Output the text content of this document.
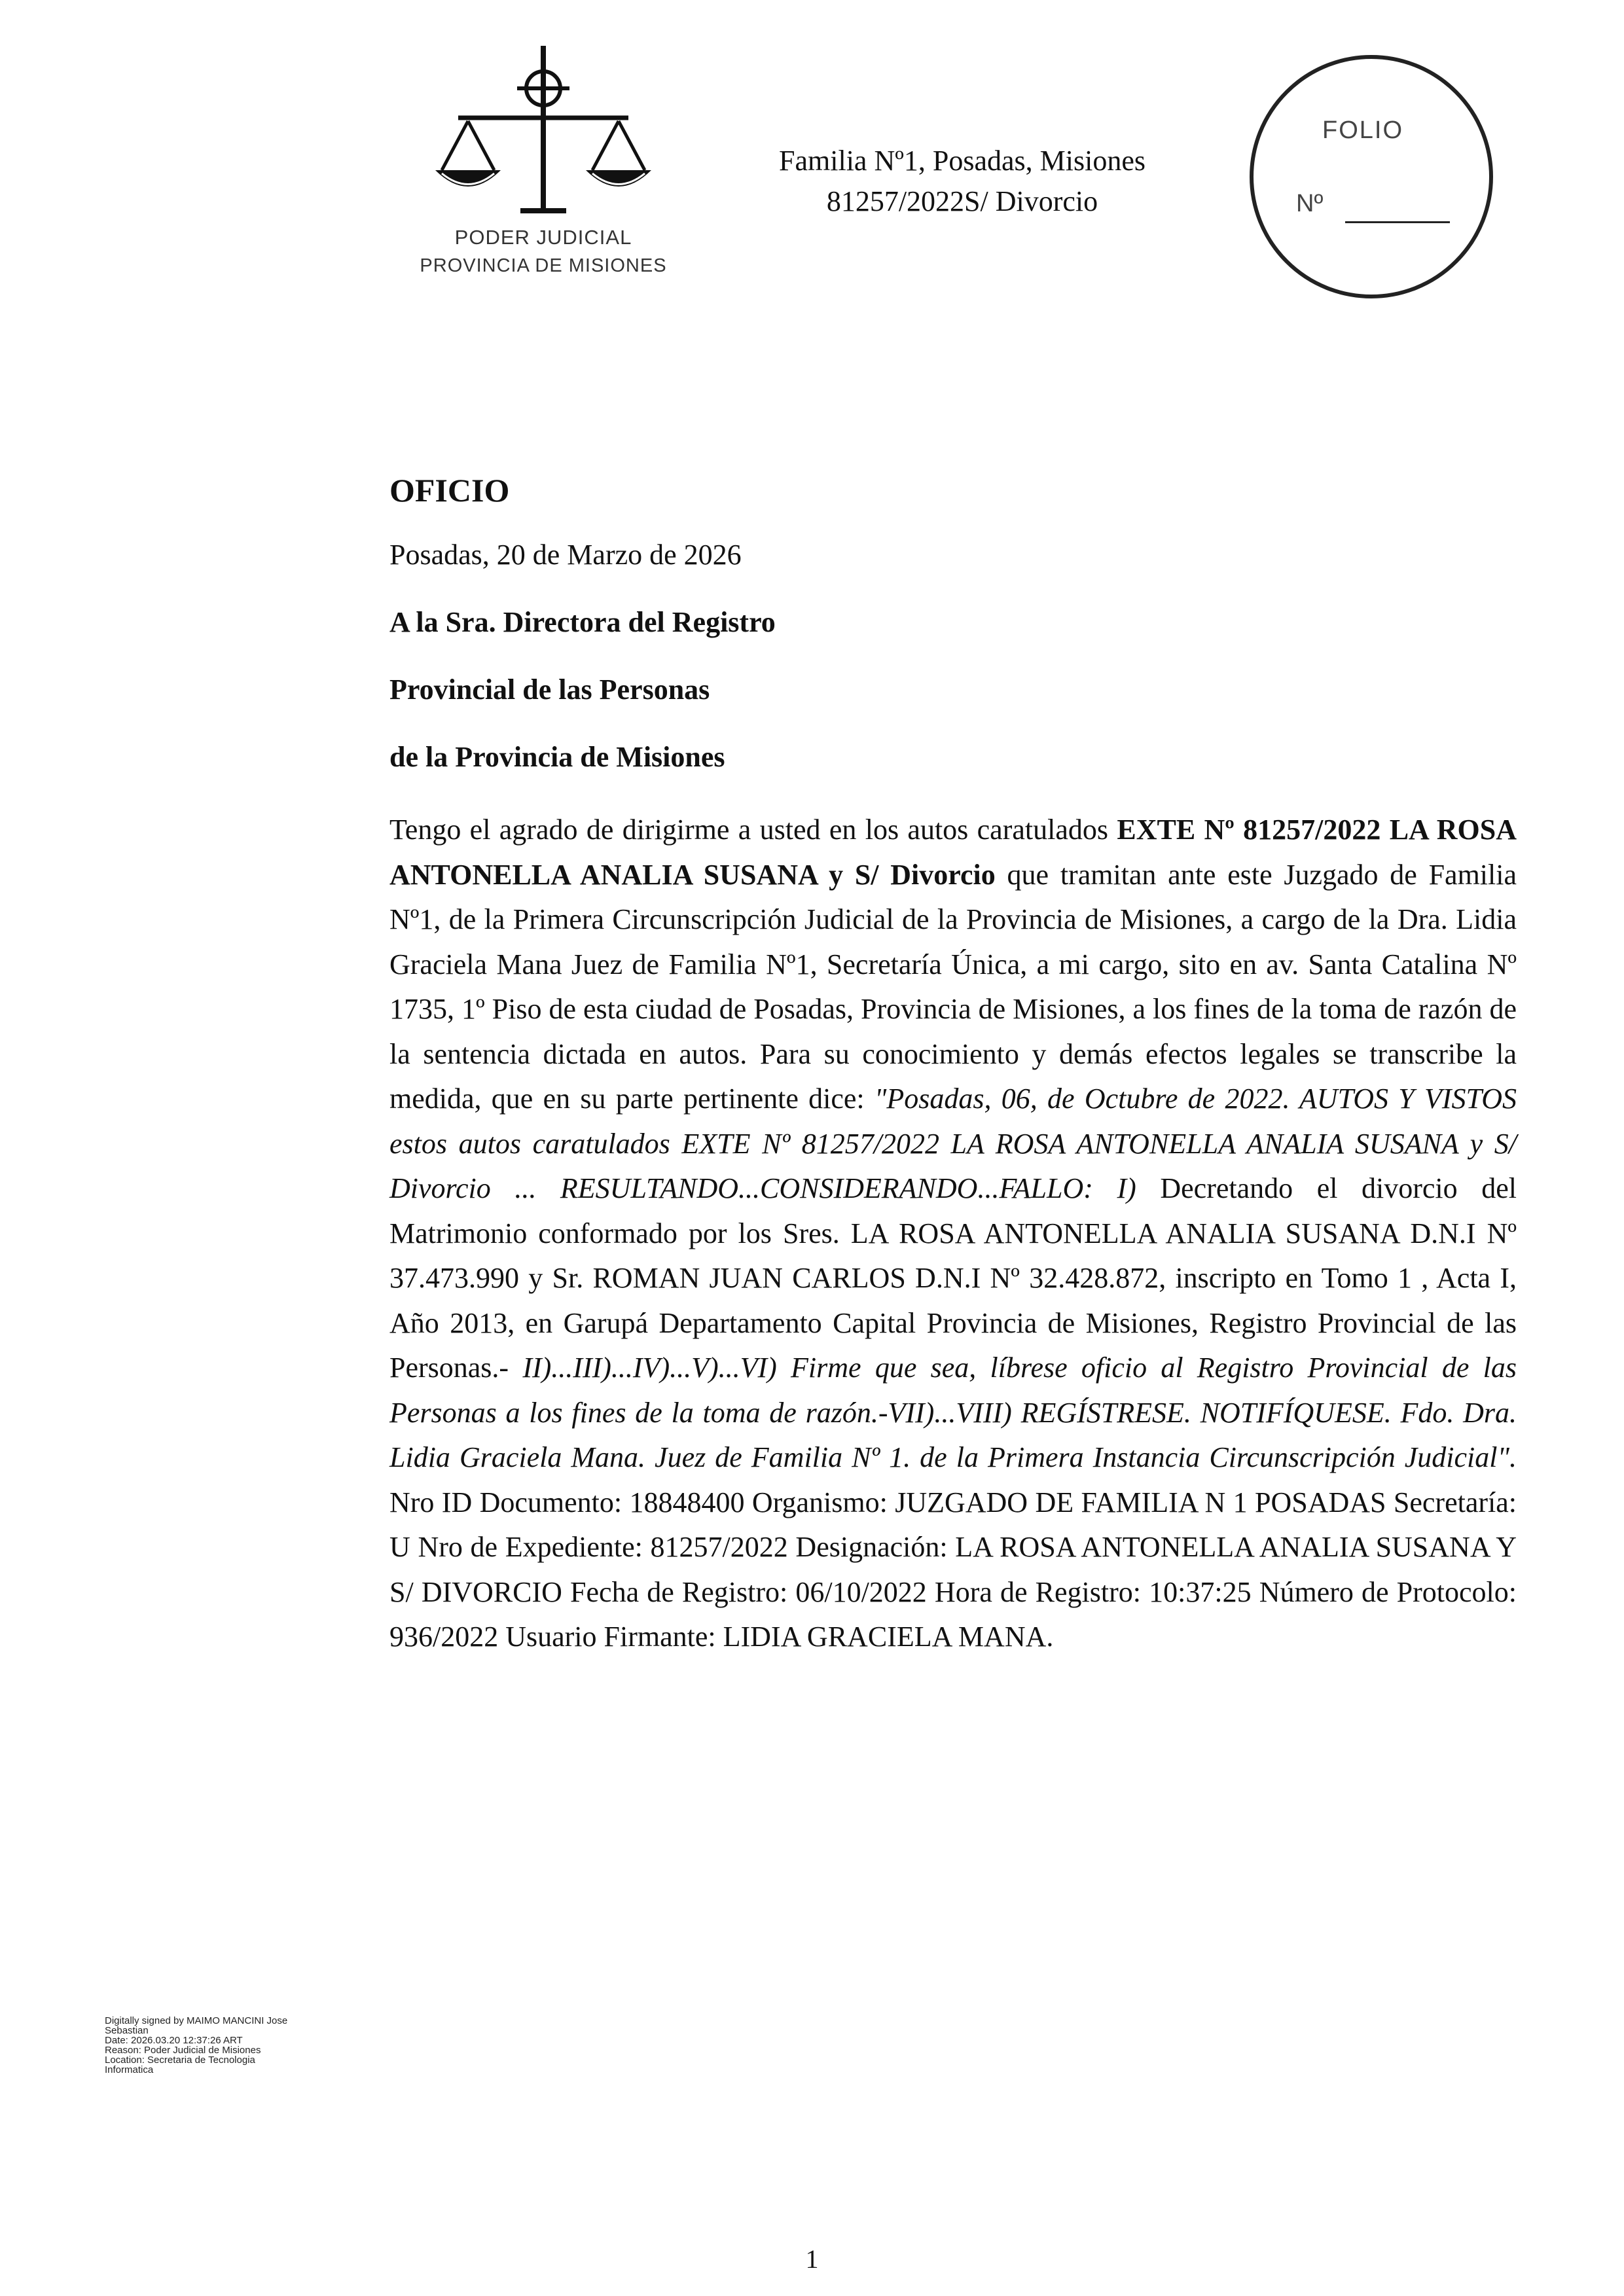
PODER JUDICIAL
PROVINCIA DE MISIONES
Familia Nº1, Posadas, Misiones
81257/2022S/ Divorcio
FOLIO
Nº
OFICIO
Posadas, 20 de Marzo de 2026
A la Sra. Directora del Registro
Provincial de las Personas
de la Provincia de Misiones

Tengo el agrado de dirigirme a usted en los autos caratulados EXTE Nº 81257/2022 LA ROSA ANTONELLA ANALIA SUSANA y S/ Divorcio que tramitan ante este Juzgado de Familia Nº1, de la Primera Circunscripción Judicial de la Provincia de Misiones, a cargo de la Dra. Lidia Graciela Mana Juez de Familia Nº1, Secretaría Única, a mi cargo, sito en av. Santa Catalina Nº 1735, 1º Piso de esta ciudad de Posadas, Provincia de Misiones, a los fines de la toma de razón de la sentencia dictada en autos. Para su conocimiento y demás efectos legales se transcribe la medida, que en su parte pertinente dice: "Posadas, 06, de Octubre de 2022. AUTOS Y VISTOS estos autos caratulados EXTE Nº 81257/2022 LA ROSA ANTONELLA ANALIA SUSANA y S/ Divorcio ... RESULTANDO...CONSIDERANDO...FALLO: I) Decretando el divorcio del Matrimonio conformado por los Sres. LA ROSA ANTONELLA ANALIA SUSANA D.N.I Nº 37.473.990 y Sr. ROMAN JUAN CARLOS D.N.I Nº 32.428.872, inscripto en Tomo 1 , Acta I, Año 2013, en Garupá Departamento Capital Provincia de Misiones, Registro Provincial de las Personas.- II)...III)...IV)...V)...VI) Firme que sea, líbrese oficio al Registro Provincial de las Personas a los fines de la toma de razón.-VII)...VIII) REGÍSTRESE. NOTIFÍQUESE. Fdo. Dra. Lidia Graciela Mana. Juez de Familia Nº 1. de la Primera Instancia Circunscripción Judicial". Nro ID Documento: 18848400 Organismo: JUZGADO DE FAMILIA N 1 POSADAS Secretaría: U Nro de Expediente: 81257/2022 Designación: LA ROSA ANTONELLA ANALIA SUSANA Y S/ DIVORCIO Fecha de Registro: 06/10/2022 Hora de Registro: 10:37:25 Número de Protocolo: 936/2022 Usuario Firmante: LIDIA GRACIELA MANA.

Digitally signed by MAIMO MANCINI Jose
Sebastian
Date: 2026.03.20 12:37:26 ART
Reason: Poder Judicial de Misiones
Location: Secretaria de Tecnologia
Informatica
1
